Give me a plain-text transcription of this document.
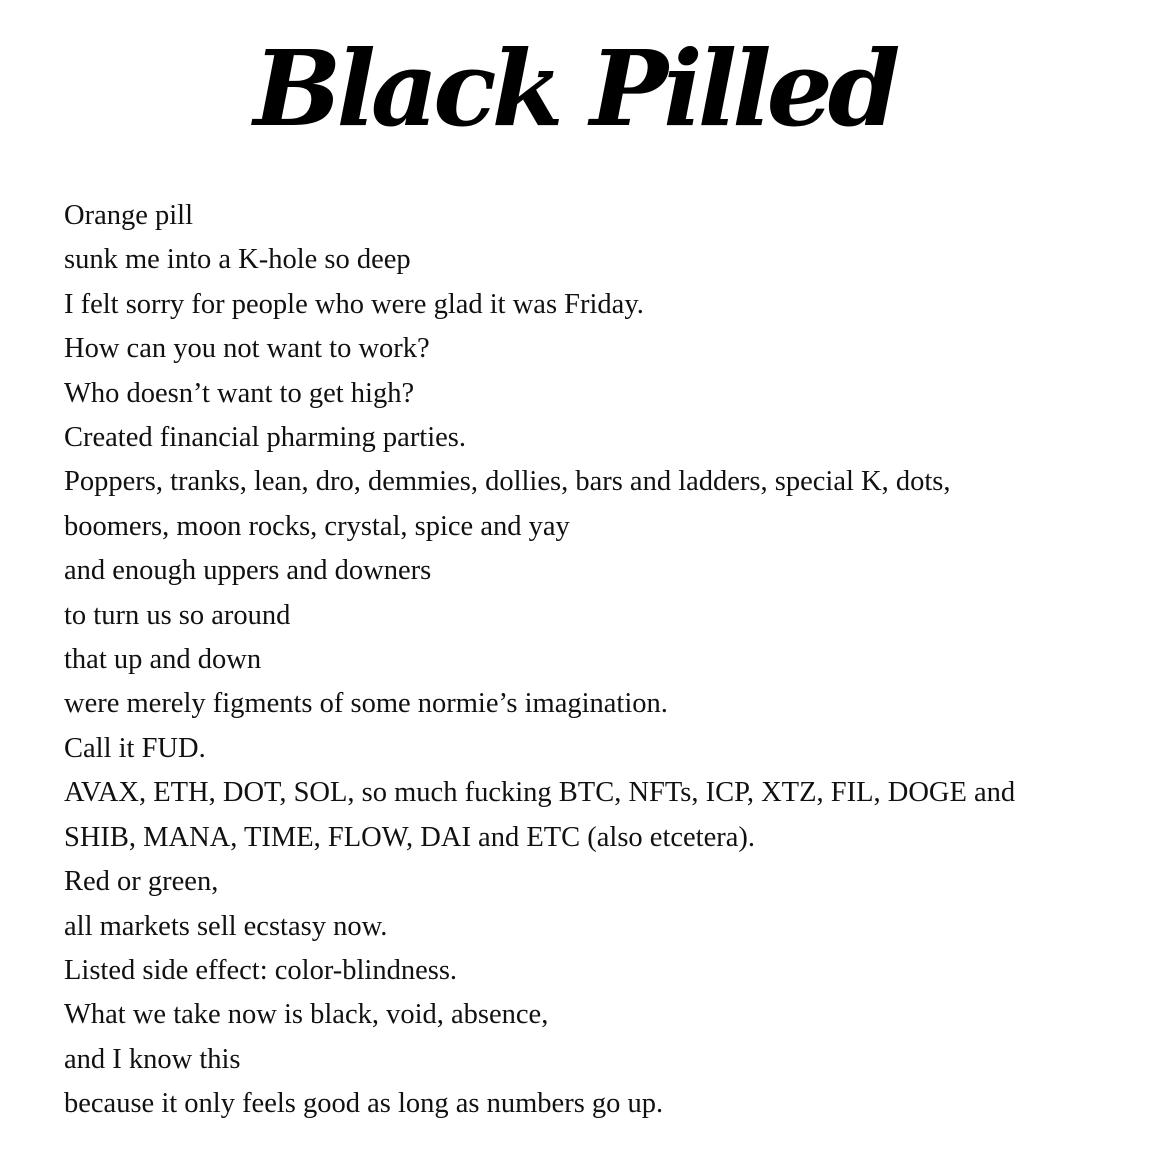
Black Pilled
Orange pill
sunk me into a K-hole so deep
I felt sorry for people who were glad it was Friday.
How can you not want to work?
Who doesn’t want to get high?
Created financial pharming parties.
Poppers, tranks, lean, dro, demmies, dollies, bars and ladders, special K, dots,
boomers, moon rocks, crystal, spice and yay
and enough uppers and downers
to turn us so around
that up and down
were merely figments of some normie’s imagination.
Call it FUD.
AVAX, ETH, DOT, SOL, so much fucking BTC, NFTs, ICP, XTZ, FIL, DOGE and
SHIB, MANA, TIME, FLOW, DAI and ETC (also etcetera).
Red or green,
all markets sell ecstasy now.
Listed side effect: color-blindness.
What we take now is black, void, absence,
and I know this
because it only feels good as long as numbers go up.
